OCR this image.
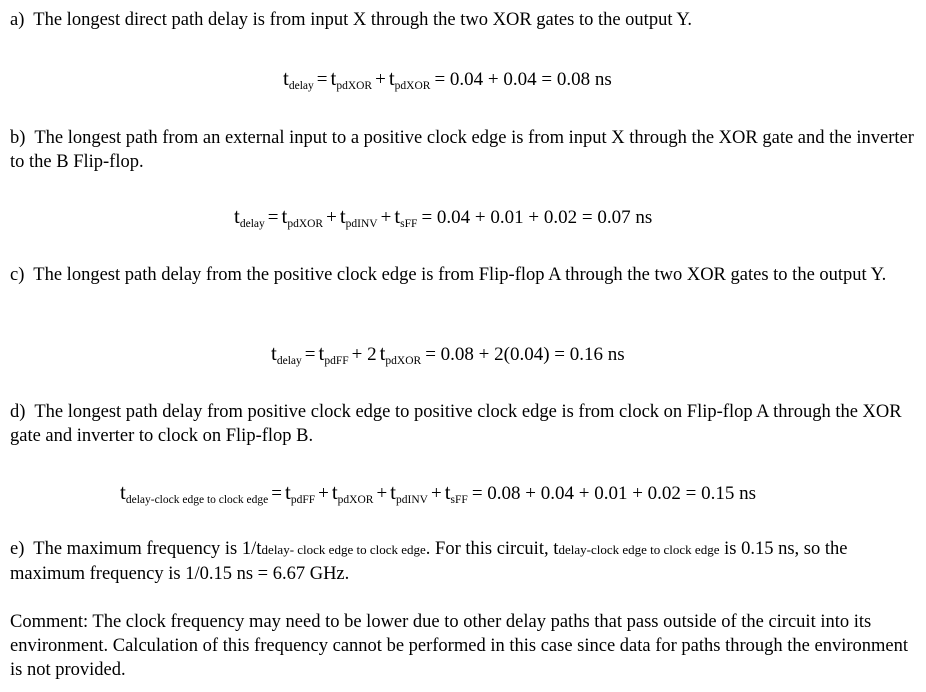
a) The longest direct path delay is from input X through the two XOR gates to the output Y.

$t_{delay} = t_{pdXOR} + t_{pdXOR} = 0.04 + 0.04 = 0.08$ ns

b) The longest path from an external input to a positive clock edge is from input X through the XOR gate and the inverter to the B Flip-flop.

$t_{delay} = t_{pdXOR} + t_{pdINV} + t_{sFF} = 0.04 + 0.01 + 0.02 = 0.07$ ns

c) The longest path delay from the positive clock edge is from Flip-flop A through the two XOR gates to the output Y.

$t_{delay} = t_{pdFF} + 2$ $t_{pdXOR} = 0.08 + 2(0.04) = 0.16$ ns

d) The longest path delay from positive clock edge to positive clock edge is from clock on Flip-flop A through the XOR gate and inverter to clock on Flip-flop B.

$t_{delay-clock edge to clock edge} = t_{pdFF} + t_{pdXOR} + t_{pdINV} + t_{sFF} = 0.08 + 0.04 + 0.01 + 0.02 = 0.15$ ns

e) The maximum frequency is 1/tdelay- clock edge to clock edge. For this circuit, tdelay-clock edge to clock edge is 0.15 ns, so the maximum frequency is 1/0.15 ns = 6.67 GHz.

Comment: The clock frequency may need to be lower due to other delay paths that pass outside of the circuit into its environment. Calculation of this frequency cannot be performed in this case since data for paths through the environment is not provided.
